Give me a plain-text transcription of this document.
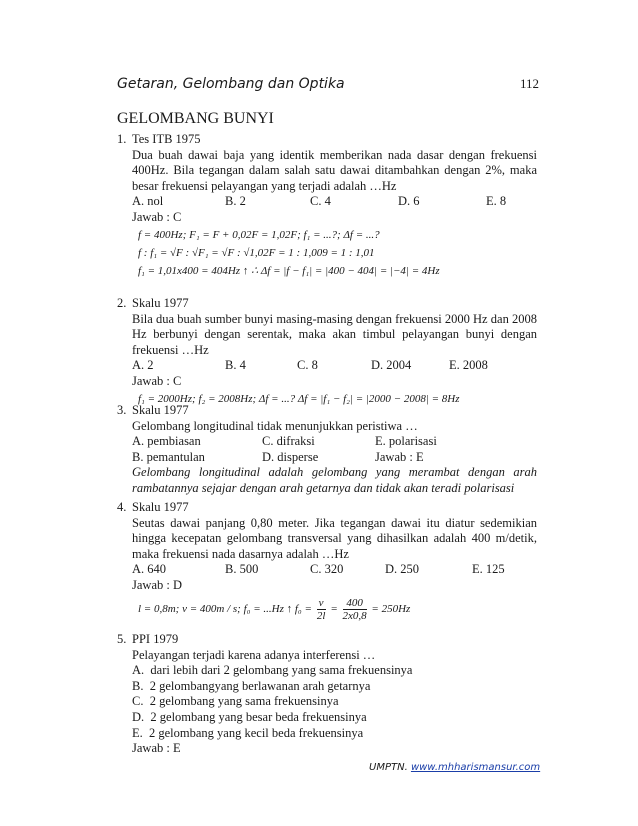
Getaran, Gelombang dan Optika	112
GELOMBANG BUNYI
1. Tes ITB 1975
Dua buah dawai baja yang identik memberikan nada dasar dengan frekuensi
400Hz. Bila tegangan dalam salah satu dawai ditambahkan dengan 2%, maka
besar frekuensi pelayangan yang terjadi adalah …Hz
A. nol	B. 2	C. 4	D. 6	E. 8
Jawab : C
f = 400Hz; F₁ = F + 0,02F = 1,02F; f₁ = ...?; Δf = ...?
f : f₁ = √F : √F₁ = √F : √1,02F = 1 : 1,009 = 1 : 1,01
f₁ = 1,01x400 = 404Hz ↑ ∴ Δf = |f − f₁| = |400 − 404| = |−4| = 4Hz
2. Skalu 1977
Bila dua buah sumber bunyi masing-masing dengan frekuensi 2000 Hz dan 2008
Hz berbunyi dengan serentak, maka akan timbul pelayangan bunyi dengan
frekuensi …Hz
A. 2	B. 4	C. 8	D. 2004	E. 2008
Jawab : C
f₁ = 2000Hz; f₂ = 2008Hz; Δf = ...? Δf = |f₁ − f₂| = |2000 − 2008| = 8Hz
3. Skalu 1977
Gelombang longitudinal tidak menunjukkan peristiwa …
A. pembiasan	C. difraksi	E. polarisasi
B. pemantulan	D. disperse	Jawab : E
Gelombang longitudinal adalah gelombang yang merambat dengan arah
rambatannya sejajar dengan arah getarnya dan tidak akan teradi polarisasi
4. Skalu 1977
Seutas dawai panjang 0,80 meter. Jika tegangan dawai itu diatur sedemikian
hingga kecepatan gelombang transversal yang dihasilkan adalah 400 m/detik,
maka frekuensi nada dasarnya adalah …Hz
A. 640	B. 500	C. 320	D. 250	E. 125
Jawab : D
l = 0,8m; v = 400m / s; f₀ = ...Hz ↑ $f_0 = \frac{v}{2l} = \frac{400}{2x0,8} = 250Hz$
5. PPI 1979
Pelayangan terjadi karena adanya interferensi …
A.  dari lebih dari 2 gelombang yang sama frekuensinya
B.  2 gelombangyang berlawanan arah getarnya
C.  2 gelombang yang sama frekuensinya
D.  2 gelombang yang besar beda frekuensinya
E.  2 gelombang yang kecil beda frekuensinya
Jawab : E
UMPTN. www.mhharismansur.com
